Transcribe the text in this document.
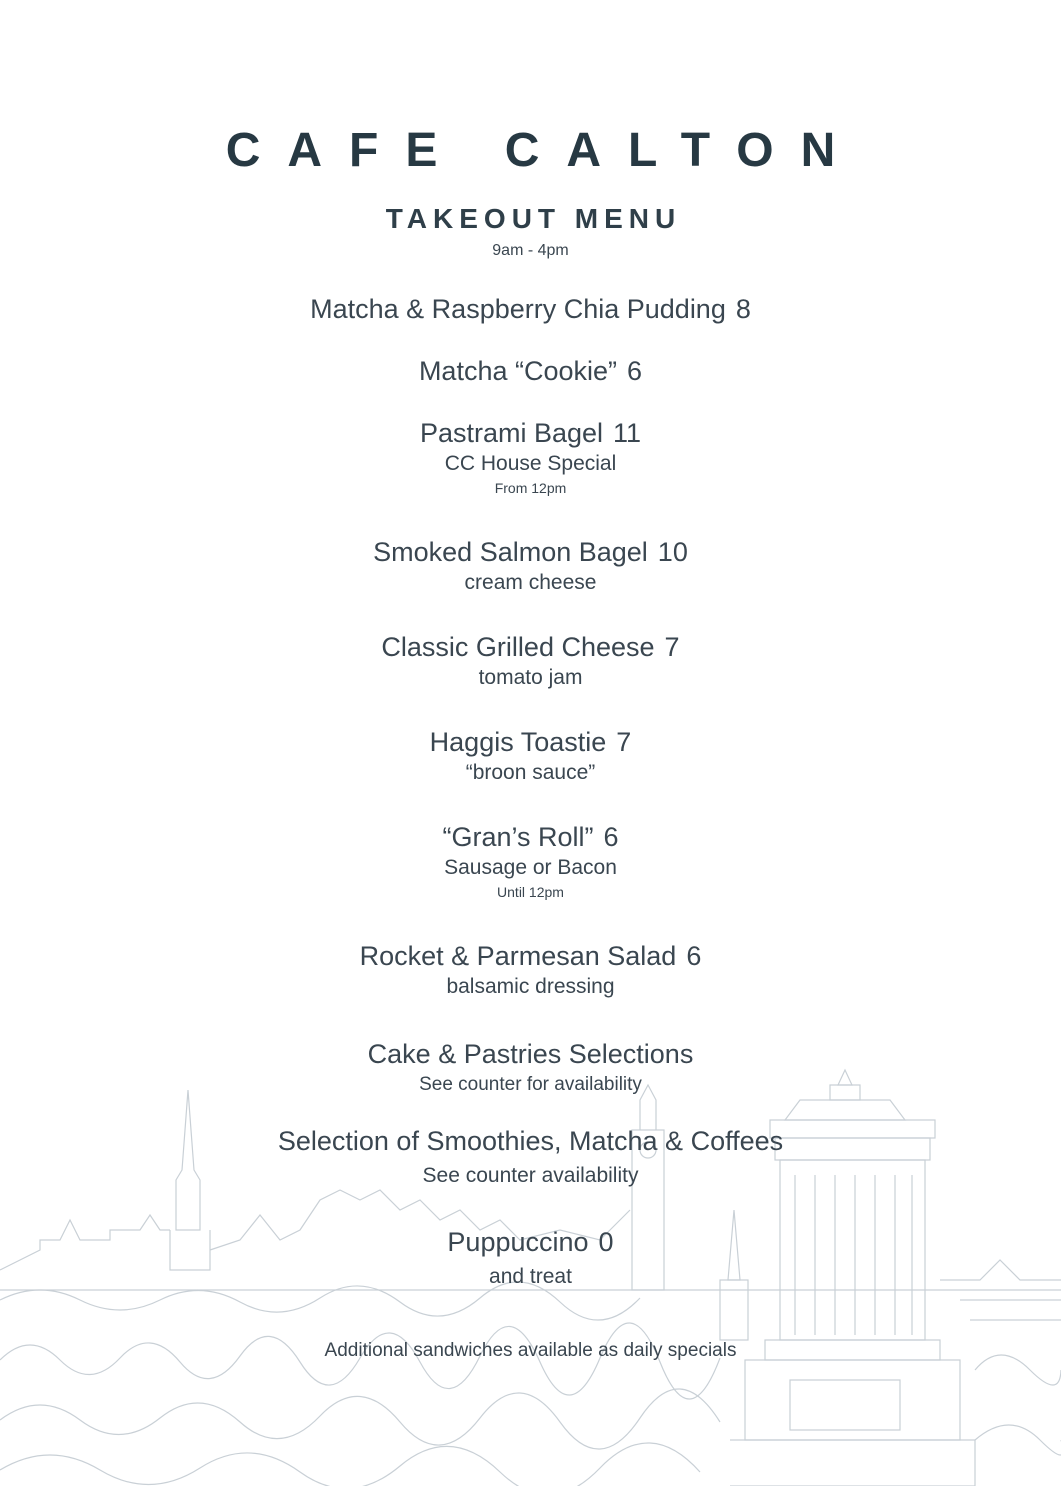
CAFE CALTON
TAKEOUT MENU
9am - 4pm
Matcha & Raspberry Chia Pudding 8
Matcha “Cookie” 6
Pastrami Bagel 11
CC House Special
From 12pm
Smoked Salmon Bagel 10
cream cheese
Classic Grilled Cheese 7
tomato jam
Haggis Toastie 7
“broon sauce”
“Gran’s Roll” 6
Sausage or Bacon
Until 12pm
Rocket & Parmesan Salad 6
balsamic dressing
Cake & Pastries Selections
See counter for availability
Selection of Smoothies, Matcha & Coffees
See counter availability
Puppuccino 0
and treat
Additional sandwiches available as daily specials
